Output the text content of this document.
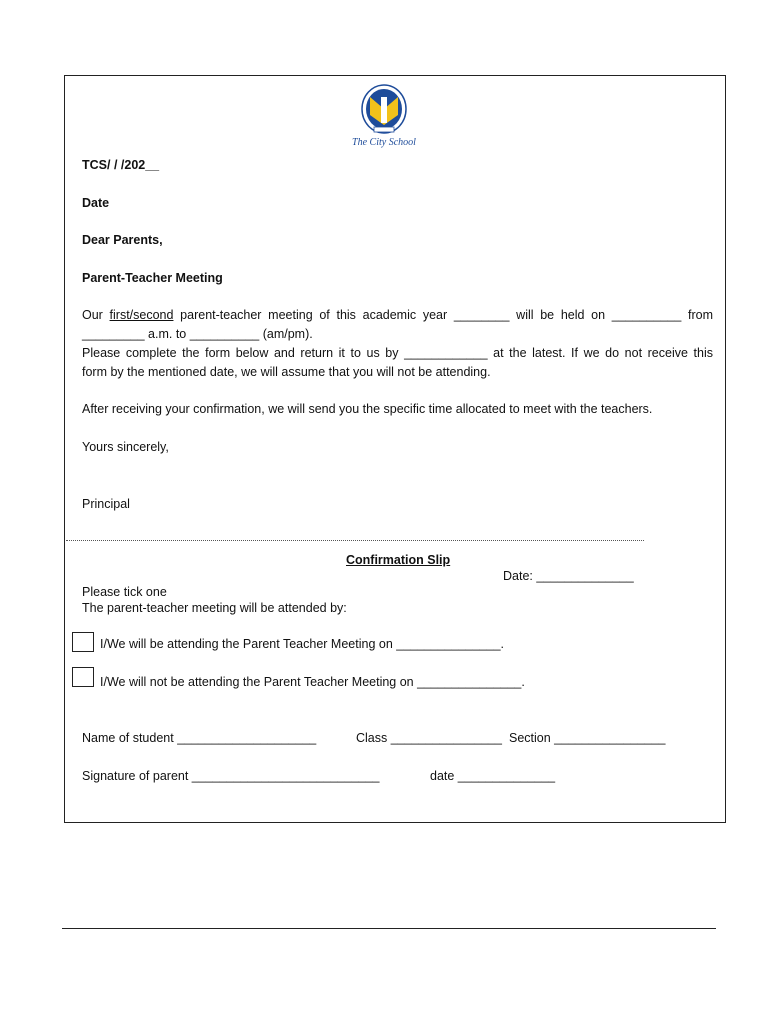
The City School
TCS/ / /202__
Date
Dear Parents,
Parent-Teacher Meeting
Our first/second parent-teacher meeting of this academic year ________ will be held on __________ from
_________ a.m. to __________ (am/pm).
Please complete the form below and return it to us by ____________ at the latest. If we do not receive this
form by the mentioned date, we will assume that you will not be attending.
After receiving your confirmation, we will send you the specific time allocated to meet with the teachers.
Yours sincerely,
Principal
Confirmation Slip
Date: ______________
Please tick one
The parent-teacher meeting will be attended by:
I/We will be attending the Parent Teacher Meeting on _______________.
I/We will not be attending the Parent Teacher Meeting on _______________.
Name of student ____________________	Class ________________ Section ________________
Signature of parent ___________________________	date ______________
